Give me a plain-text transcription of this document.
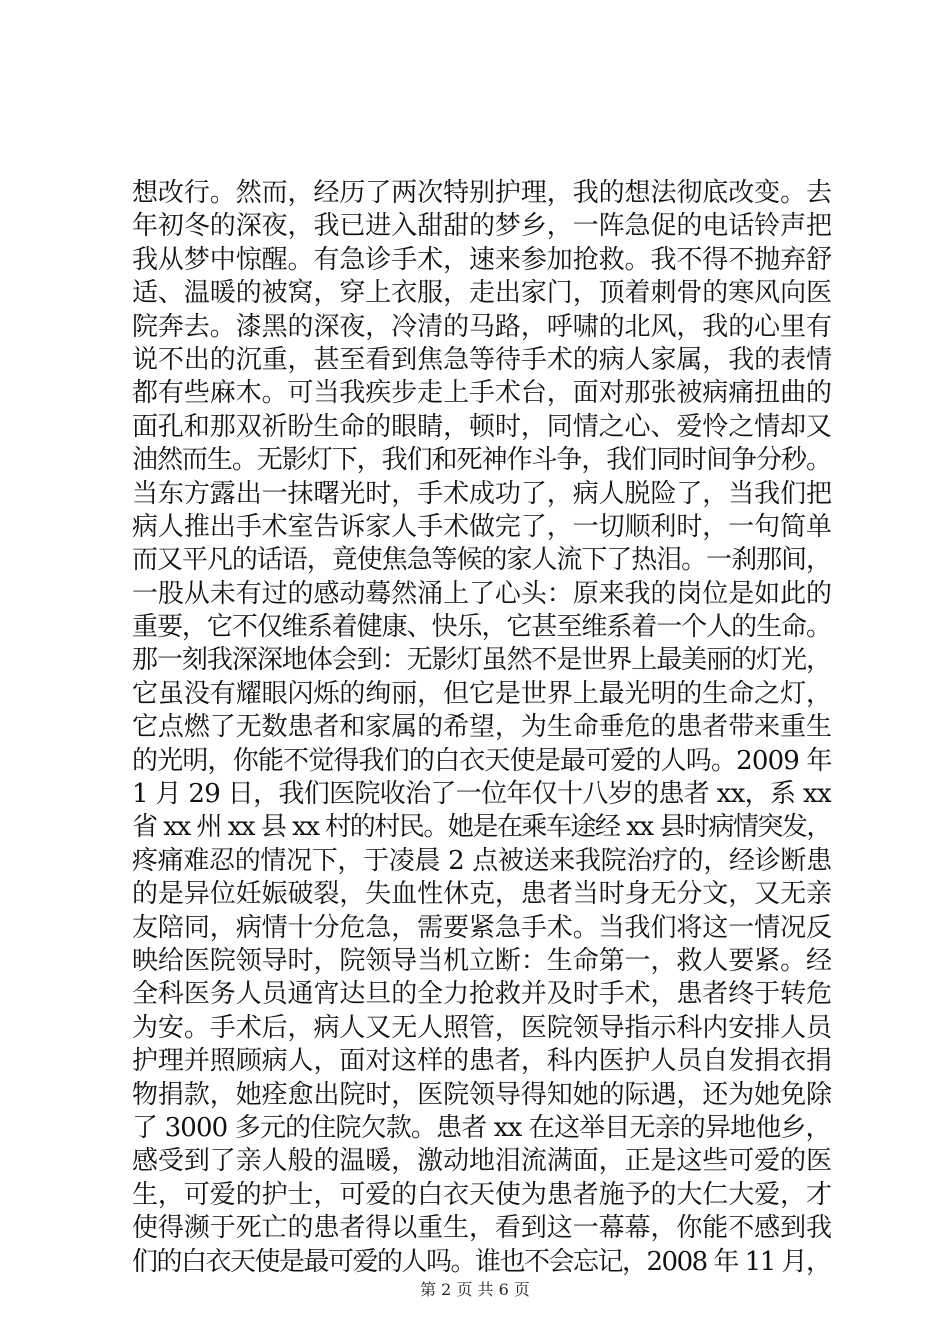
想改行。然而，经历了两次特别护理，我的想法彻底改变。去
年初冬的深夜，我已进入甜甜的梦乡，一阵急促的电话铃声把
我从梦中惊醒。有急诊手术，速来参加抢救。我不得不抛弃舒
适、温暖的被窝，穿上衣服，走出家门，顶着刺骨的寒风向医
院奔去。漆黑的深夜，冷清的马路，呼啸的北风，我的心里有
说不出的沉重，甚至看到焦急等待手术的病人家属，我的表情
都有些麻木。可当我疾步走上手术台，面对那张被病痛扭曲的
面孔和那双祈盼生命的眼睛，顿时，同情之心、爱怜之情却又
油然而生。无影灯下，我们和死神作斗争，我们同时间争分秒。
当东方露出一抹曙光时，手术成功了，病人脱险了，当我们把
病人推出手术室告诉家人手术做完了，一切顺利时，一句简单
而又平凡的话语，竟使焦急等候的家人流下了热泪。一刹那间，
一股从未有过的感动蓦然涌上了心头：原来我的岗位是如此的
重要，它不仅维系着健康、快乐，它甚至维系着一个人的生命。
那一刻我深深地体会到：无影灯虽然不是世界上最美丽的灯光，
它虽没有耀眼闪烁的绚丽，但它是世界上最光明的生命之灯，
它点燃了无数患者和家属的希望，为生命垂危的患者带来重生
的光明，你能不觉得我们的白衣天使是最可爱的人吗。2009 年
1 月 29 日，我们医院收治了一位年仅十八岁的患者 xx，系 xx
省 xx 州 xx 县 xx 村的村民。她是在乘车途经 xx 县时病情突发，
疼痛难忍的情况下，于凌晨 2 点被送来我院治疗的，经诊断患
的是异位妊娠破裂，失血性休克，患者当时身无分文，又无亲
友陪同，病情十分危急，需要紧急手术。当我们将这一情况反
映给医院领导时，院领导当机立断：生命第一，救人要紧。经
全科医务人员通宵达旦的全力抢救并及时手术，患者终于转危
为安。手术后，病人又无人照管，医院领导指示科内安排人员
护理并照顾病人，面对这样的患者，科内医护人员自发捐衣捐
物捐款，她痊愈出院时，医院领导得知她的际遇，还为她免除
了 3000 多元的住院欠款。患者 xx 在这举目无亲的异地他乡，
感受到了亲人般的温暖，激动地泪流满面，正是这些可爱的医
生，可爱的护士，可爱的白衣天使为患者施予的大仁大爱，才
使得濒于死亡的患者得以重生，看到这一幕幕，你能不感到我
们的白衣天使是最可爱的人吗。谁也不会忘记，2008 年 11 月，
第 2 页 共 6 页
